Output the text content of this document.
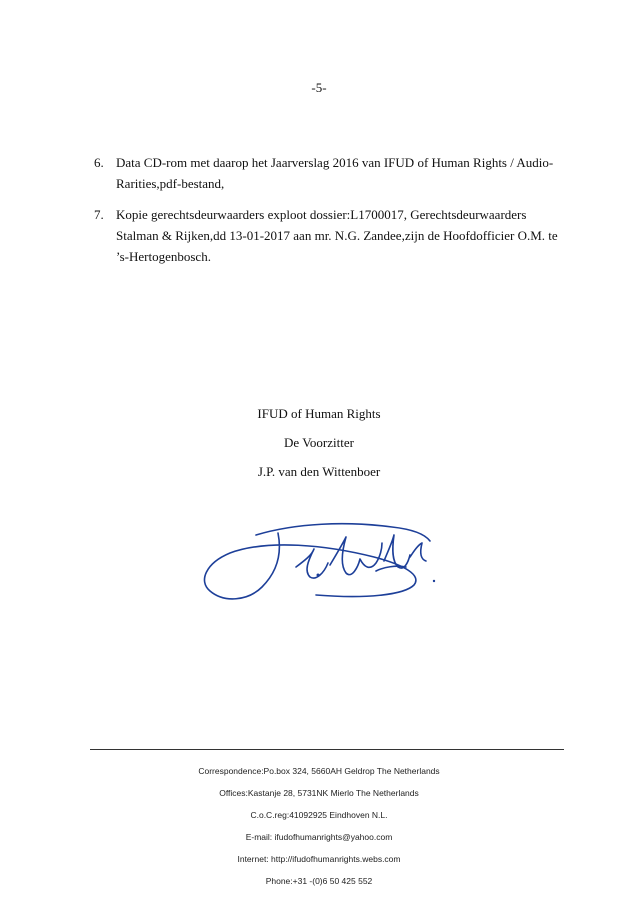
-5-
6. Data CD-rom met daarop het Jaarverslag 2016 van IFUD of Human Rights / Audio-Rarities,pdf-bestand,
7. Kopie gerechtsdeurwaarders exploot dossier:L1700017, Gerechtsdeurwaarders Stalman & Rijken,dd 13-01-2017 aan mr. N.G. Zandee,zijn de Hoofdofficier O.M. te ’s-Hertogenbosch.
IFUD of Human Rights
De Voorzitter
J.P. van den Wittenboer
Correspondence:Po.box 324, 5660AH Geldrop The Netherlands
Offices:Kastanje 28, 5731NK Mierlo The Netherlands
C.o.C.reg:41092925 Eindhoven N.L.
E-mail: ifudofhumanrights@yahoo.com
Internet: http://ifudofhumanrights.webs.com
Phone:+31 -(0)6 50 425 552
